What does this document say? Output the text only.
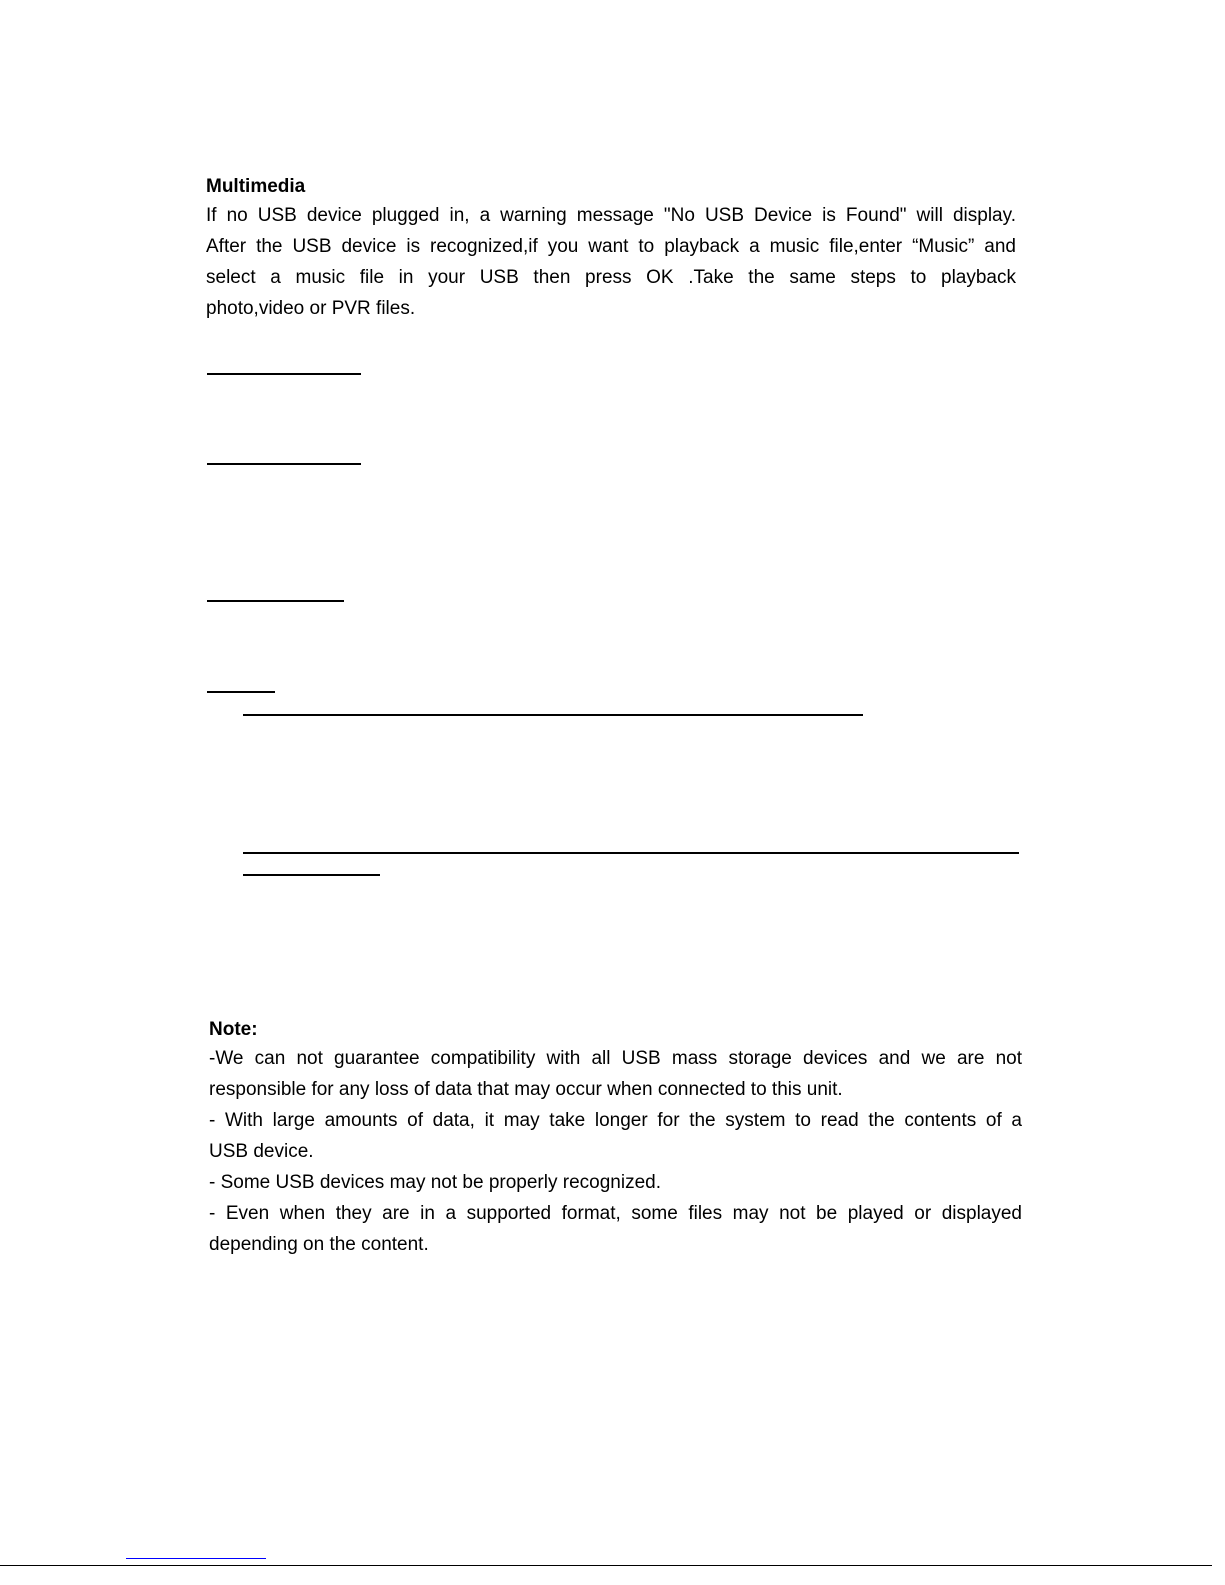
Multimedia
If no USB device plugged in, a warning message "No USB Device is Found" will display.
After the USB device is recognized,if you want to playback a music file,enter “Music” and
select a music file in your USB then press OK .Take the same steps to playback
photo,video or PVR files.
Note:
-We can not guarantee compatibility with all USB mass storage devices and we are not
responsible for any loss of data that may occur when connected to this unit.
- With large amounts of data, it may take longer for the system to read the contents of a
USB device.
- Some USB devices may not be properly recognized.
- Even when they are in a supported format, some files may not be played or displayed
depending on the content.
